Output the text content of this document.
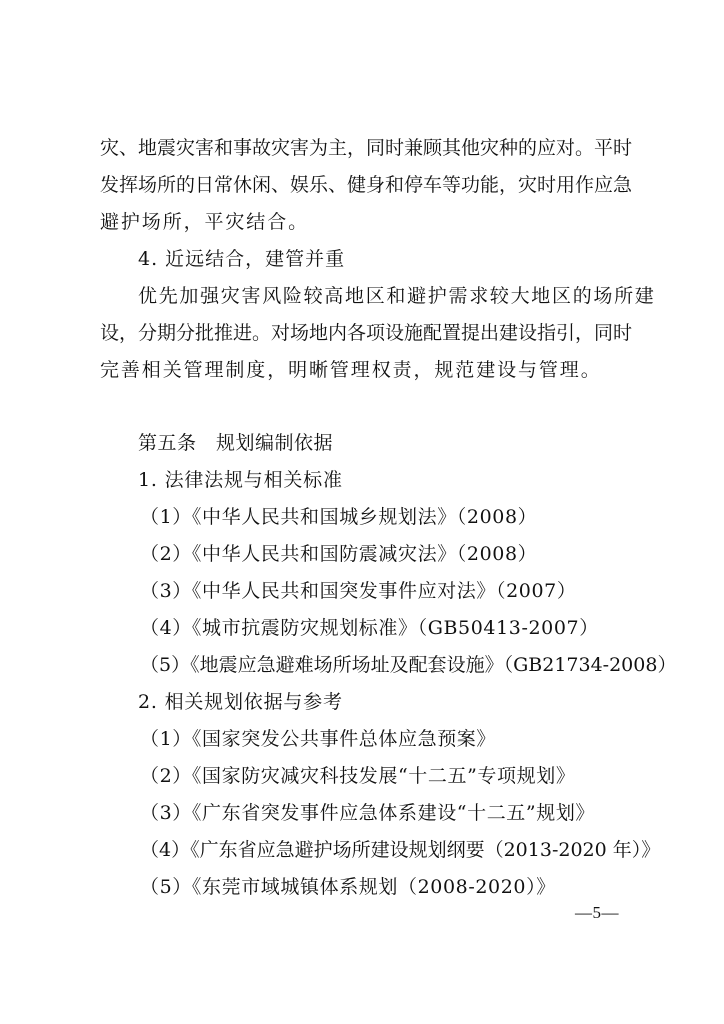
灾、地震灾害和事故灾害为主，同时兼顾其他灾种的应对。平时
发挥场所的日常休闲、娱乐、健身和停车等功能，灾时用作应急
避护场所，平灾结合。
4. 近远结合，建管并重
优先加强灾害风险较高地区和避护需求较大地区的场所建
设，分期分批推进。对场地内各项设施配置提出建设指引，同时
完善相关管理制度，明晰管理权责，规范建设与管理。
第五条　规划编制依据
1. 法律法规与相关标准
（1）《中华人民共和国城乡规划法》（2008）
（2）《中华人民共和国防震减灾法》（2008）
（3）《中华人民共和国突发事件应对法》（2007）
（4）《城市抗震防灾规划标准》（GB50413-2007）
（5）《地震应急避难场所场址及配套设施》（GB21734-2008）
2. 相关规划依据与参考
（1）《国家突发公共事件总体应急预案》
（2）《国家防灾减灾科技发展“十二五”专项规划》
（3）《广东省突发事件应急体系建设“十二五”规划》
（4）《广东省应急避护场所建设规划纲要（2013-2020 年）》
（5）《东莞市域城镇体系规划（2008-2020）》
—5—
